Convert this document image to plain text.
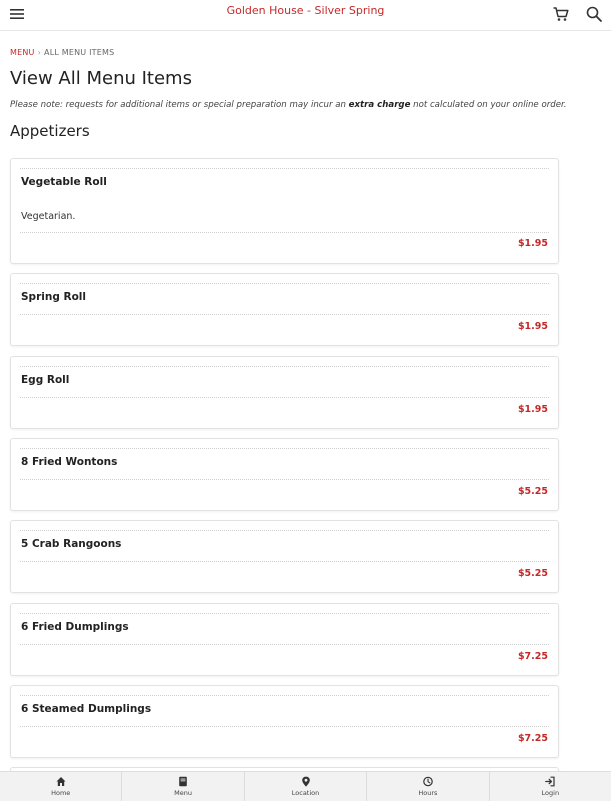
Golden House - Silver Spring
MENU › ALL MENU ITEMS
View All Menu Items
Please note: requests for additional items or special preparation may incur an extra charge not calculated on your online order.
Appetizers
Vegetable Roll
Vegetarian.
$1.95
Spring Roll
$1.95
Egg Roll
$1.95
8 Fried Wontons
$5.25
5 Crab Rangoons
$5.25
6 Fried Dumplings
$7.25
6 Steamed Dumplings
$7.25
Home	Menu	Location	Hours	Login
